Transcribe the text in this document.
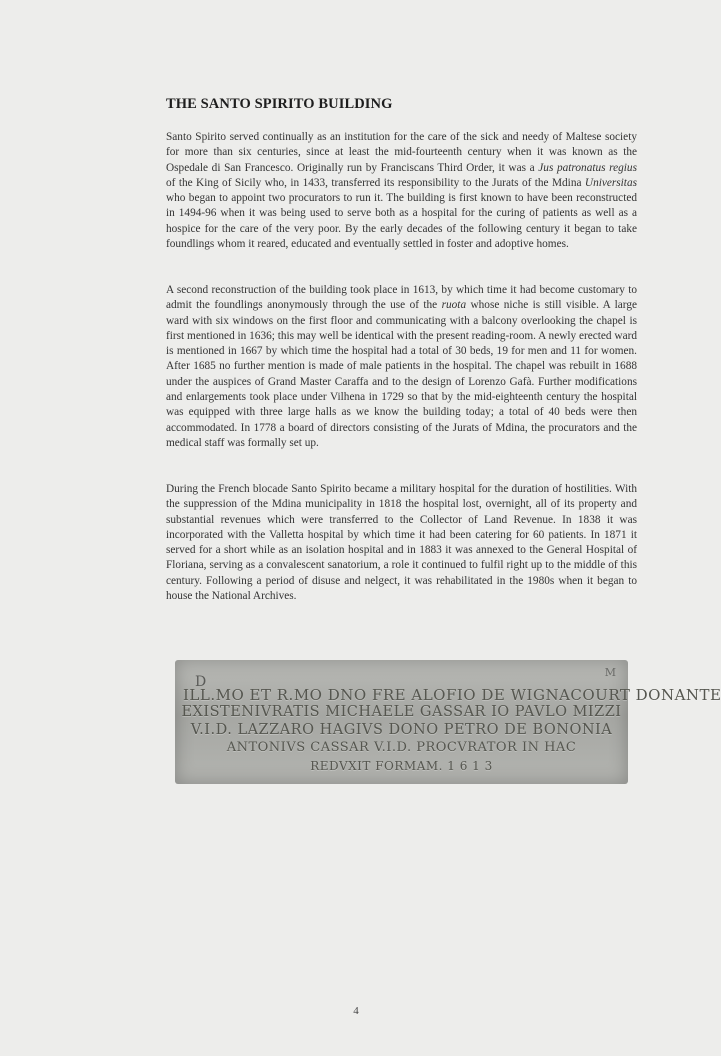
THE SANTO SPIRITO BUILDING

Santo Spirito served continually as an institution for the care of the sick and needy of Maltese society for more than six centuries, since at least the mid-fourteenth century when it was known as the Ospedale di San Francesco. Originally run by Franciscans Third Order, it was a Jus patronatus regius of the King of Sicily who, in 1433, transferred its responsibility to the Jurats of the Mdina Universitas who began to appoint two procurators to run it. The building is first known to have been reconstructed in 1494-96 when it was being used to serve both as a hospital for the curing of patients as well as a hospice for the care of the very poor. By the early decades of the following century it began to take foundlings whom it reared, educated and eventually settled in foster and adoptive homes.

A second reconstruction of the building took place in 1613, by which time it had become customary to admit the foundlings anonymously through the use of the ruota whose niche is still visible. A large ward with six windows on the first floor and communicating with a balcony overlooking the chapel is first mentioned in 1636; this may well be identical with the present reading-room. A newly erected ward is mentioned in 1667 by which time the hospital had a total of 30 beds, 19 for men and 11 for women. After 1685 no further mention is made of male patients in the hospital. The chapel was rebuilt in 1688 under the auspices of Grand Master Caraffa and to the design of Lorenzo Gafà. Further modifications and enlargements took place under Vilhena in 1729 so that by the mid-eighteenth century the hospital was equipped with three large halls as we know the building today; a total of 40 beds were then accommodated. In 1778 a board of directors consisting of the Jurats of Mdina, the procurators and the medical staff was formally set up.

During the French blocade Santo Spirito became a military hospital for the duration of hostilities. With the suppression of the Mdina municipality in 1818 the hospital lost, overnight, all of its property and substantial revenues which were transferred to the Collector of Land Revenue. In 1838 it was incorporated with the Valletta hospital by which time it had been catering for 60 patients. In 1871 it served for a short while as an isolation hospital and in 1883 it was annexed to the General Hospital of Floriana, serving as a convalescent sanatorium, a role it continued to fulfil right up to the middle of this century. Following a period of disuse and nelgect, it was rehabilitated in the 1980s when it began to house the National Archives.

D
M
ILL.MO ET R.MO DNO FRE ALOFIO DE WIGNACOURT DONANTE
EXISTENIVRATIS MICHAELE GASSAR IO PAVLO MIZZI
V.I.D. LAZZARO HAGIVS DONO PETRO DE BONONIA
ANTONIVS CASSAR V.I.D. PROCVRATOR IN HAC
REDVXIT FORMAM. 1 6 1 3
4
